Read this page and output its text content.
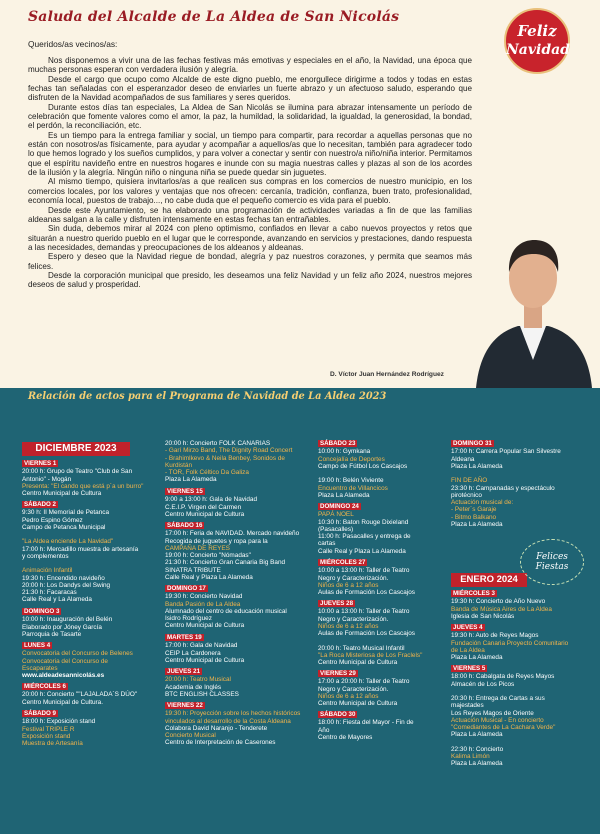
Saluda del Alcalde de La Aldea de San Nicolás
Feliz
Navidad
Queridos/as vecinos/as:

Nos disponemos a vivir una de las fechas festivas más emotivas y especiales en el año, la Navidad, una época que muchas personas esperan con verdadera ilusión y alegría.

Desde el cargo que ocupo como Alcalde de este digno pueblo, me enorgullece dirigirme a todos y todas en estas fechas tan señaladas con el esperanzador deseo de enviarles un fuerte abrazo y un afectuoso saludo, esperando que disfruten de la Navidad acompañados de sus familiares y seres queridos.

Durante estos días tan especiales, La Aldea de San Nicolás se ilumina para abrazar intensamente un período de celebración que fomente valores como el amor, la paz, la humildad, la solidaridad, la igualdad, la generosidad, la bondad, el perdón, la reconciliación, etc.

Es un tiempo para la entrega familiar y social, un tiempo para compartir, para recordar a aquellas personas que no están con nosotros/as físicamente, para ayudar y acompañar a aquellos/as que lo necesitan, también para agradecer todo lo que hemos logrado y los sueños cumplidos, y para volver a conectar y sentir con nuestro/a niño/niña interior. Permitamos que el espíritu navideño entre en nuestros hogares e inunde con su magia nuestras calles y plazas al son de los acordes de la ilusión y la alegría. Ningún niño o ninguna niña se puede quedar sin juguetes.

Al mismo tiempo, quisiera invitarlos/as a que realicen sus compras en los comercios de nuestro municipio, en los comercios locales, por los valores y ventajas que nos ofrecen: cercanía, tradición, confianza, buen trato, profesionalidad, economía local, puestos de trabajo..., no cabe duda que el pequeño comercio es vida para el pueblo.

Desde este Ayuntamiento, se ha elaborado una programación de actividades variadas a fin de que las familias aldeanas salgan a la calle y disfruten intensamente en estas fechas tan entrañables.

Sin duda, debemos mirar al 2024 con pleno optimismo, confiados en llevar a cabo nuevos proyectos y retos que situarán a nuestro querido pueblo en el lugar que le corresponde, avanzando en servicios y prestaciones, dando respuesta a las necesidades, demandas y preocupaciones de los aldeanos y aldeanas.

Espero y deseo que la Navidad riegue de bondad, alegría y paz nuestros corazones, y permita que seamos más felices.

Desde la corporación municipal que presido, les deseamos una feliz Navidad y un feliz año 2024, nuestros mejores deseos de salud y prosperidad.

D. Víctor Juan Hernández Rodríguez
Relación de actos para el Programa de Navidad de La Aldea 2023
DICIEMBRE 2023
ENERO 2024
Felices
Fiestas
VIERNES 1
20:00 h: Grupo de Teatro "Club de San
Antonio" - Mogán
Presenta: "El cando que está p´a un burro"
Centro Municipal de Cultura
SÁBADO 2
9:30 h: II Memorial de Petanca
Pedro Espino Gómez
Campo de Petanca Municipal

"La Aldea enciende La Navidad"
17:00 h: Mercadillo muestra de artesanía
y complementos

Animación Infantil
19:30 h: Encendido navideño
20:00 h: Los Dandys del Swing
21:30 h: Facaracas
Calle Real y La Alameda
DOMINGO 3
10:00 h: Inauguración del Belén
Elaborado por Jóney García
Parroquia de Tasarte
LUNES 4
Convocatoria del Concurso de Belenes
Convocatoria del Concurso de
Escaparates
www.aldeadesannicolás.es
MIÉRCOLES 6
20:00 h: Concierto ""LAJALADA´S DÚO"
Centro Municipal de Cultura.
SÁBADO 9
18:00 h: Exposición stand
Festival TRIPLE R
Exposición stand
Muestra de Artesanía
20:00 h: Concierto FOLK CANARIAS
- Garí Mirzo Band, The Dignity Road Concert
- Brahimlkevo & Neila Benbey, Sonidos de
Kurdistán
- TOR, Folk Céltico Da Galiza
Plaza La Alameda
VIERNES 15
9:00 a 13:00 h: Gala de Navidad
C.E.I.P. Virgen del Carmen
Centro Municipal de Cultura
SÁBADO 16
17:00 h: Feria de NAVIDAD. Mercado navideño
Recogida de juguetes y ropa para la
CAMPAÑA DE REYES
19:00 h: Concierto "Nómadas"
21:30 h: Concierto Gran Canaria Big Band
SINATRA TRIBUTE
Calle Real y Plaza La Alameda
DOMINGO 17
19:30 h: Concierto Navidad
Banda Pasión de La Aldea
Alumnado del centro de educación musical
Isidro Rodríguez
Centro Municipal de Cultura
MARTES 19
17:00 h: Gala de Navidad
CEIP La Cardonera
Centro Municipal de Cultura
JUEVES 21
20:00 h: Teatro Musical
Academia de Inglés
BTC ENGLISH CLASSES
VIERNES 22
19:30 h: Proyección sobre los hechos históricos
vinculados al desarrollo de la Costa Aldeana
Colabora David Naranjo - Tenderete
Concierto Musical
Centro de Interpretación de Caserones
SÁBADO 23
10:00 h: Gymkana
Concejalía de Deportes
Campo de Fútbol Los Cascajos

19:00 h: Belén Viviente
Encuentro de Villancicos
Plaza La Alameda
DOMINGO 24
PAPÁ NOEL
10:30 h: Baton Rouge Dixieland
(Pasacalles)
11:00 h: Pasacalles y entrega de
cartas
Calle Real y Plaza La Alameda
MIÉRCOLES 27
10:00 a 13:00 h: Taller de Teatro
Negro y Caracterización.
Niños de 6 a 12 años
Aulas de Formación Los Cascajos
JUEVES 28
10:00 a 13:00 h: Taller de Teatro
Negro y Caracterización.
Niños de 6 a 12 años
Aulas de Formación Los Cascajos

20:00 h: Teatro Musical Infantil
"La Roca Misteriosa de Los Fraclels"
Centro Municipal de Cultura
VIERNES 29
17:00 a 20:00 h: Taller de Teatro
Negro y Caracterización.
Niños de 6 a 12 años
Centro Municipal de Cultura
SÁBADO 30
18:00 h: Fiesta del Mayor - Fin de
Año
Centro de Mayores
DOMINGO 31
17:00 h: Carrera Popular San Silvestre
Aldeana
Plaza La Alameda

FIN DE AÑO
23:30 h: Campanadas y espectáculo
pirotécnico
Actuación musical de:
- Peter´s Garaje
- Bitmo Balkano
Plaza La Alameda
MIÉRCOLES 3
19:30 h: Concierto de Año Nuevo
Banda de Música Aires de La Aldea
Iglesia de San Nicolás
JUEVES 4
19:30 h: Auto de Reyes Magos
Fundación Canaria Proyecto Comunitario
de La Aldea
Plaza La Alameda
VIERNES 5
18:00 h: Cabalgata de Reyes Mayos
Almacén de Los Picos

20:30 h: Entrega de Cartas a sus
majestades
Los Reyes Magos de Oriente
Actuación Musical - En concierto
"Comediantes de La Cachara Verde"
Plaza La Alameda

22:30 h: Concierto
Kalima Limón
Plaza La Alameda
